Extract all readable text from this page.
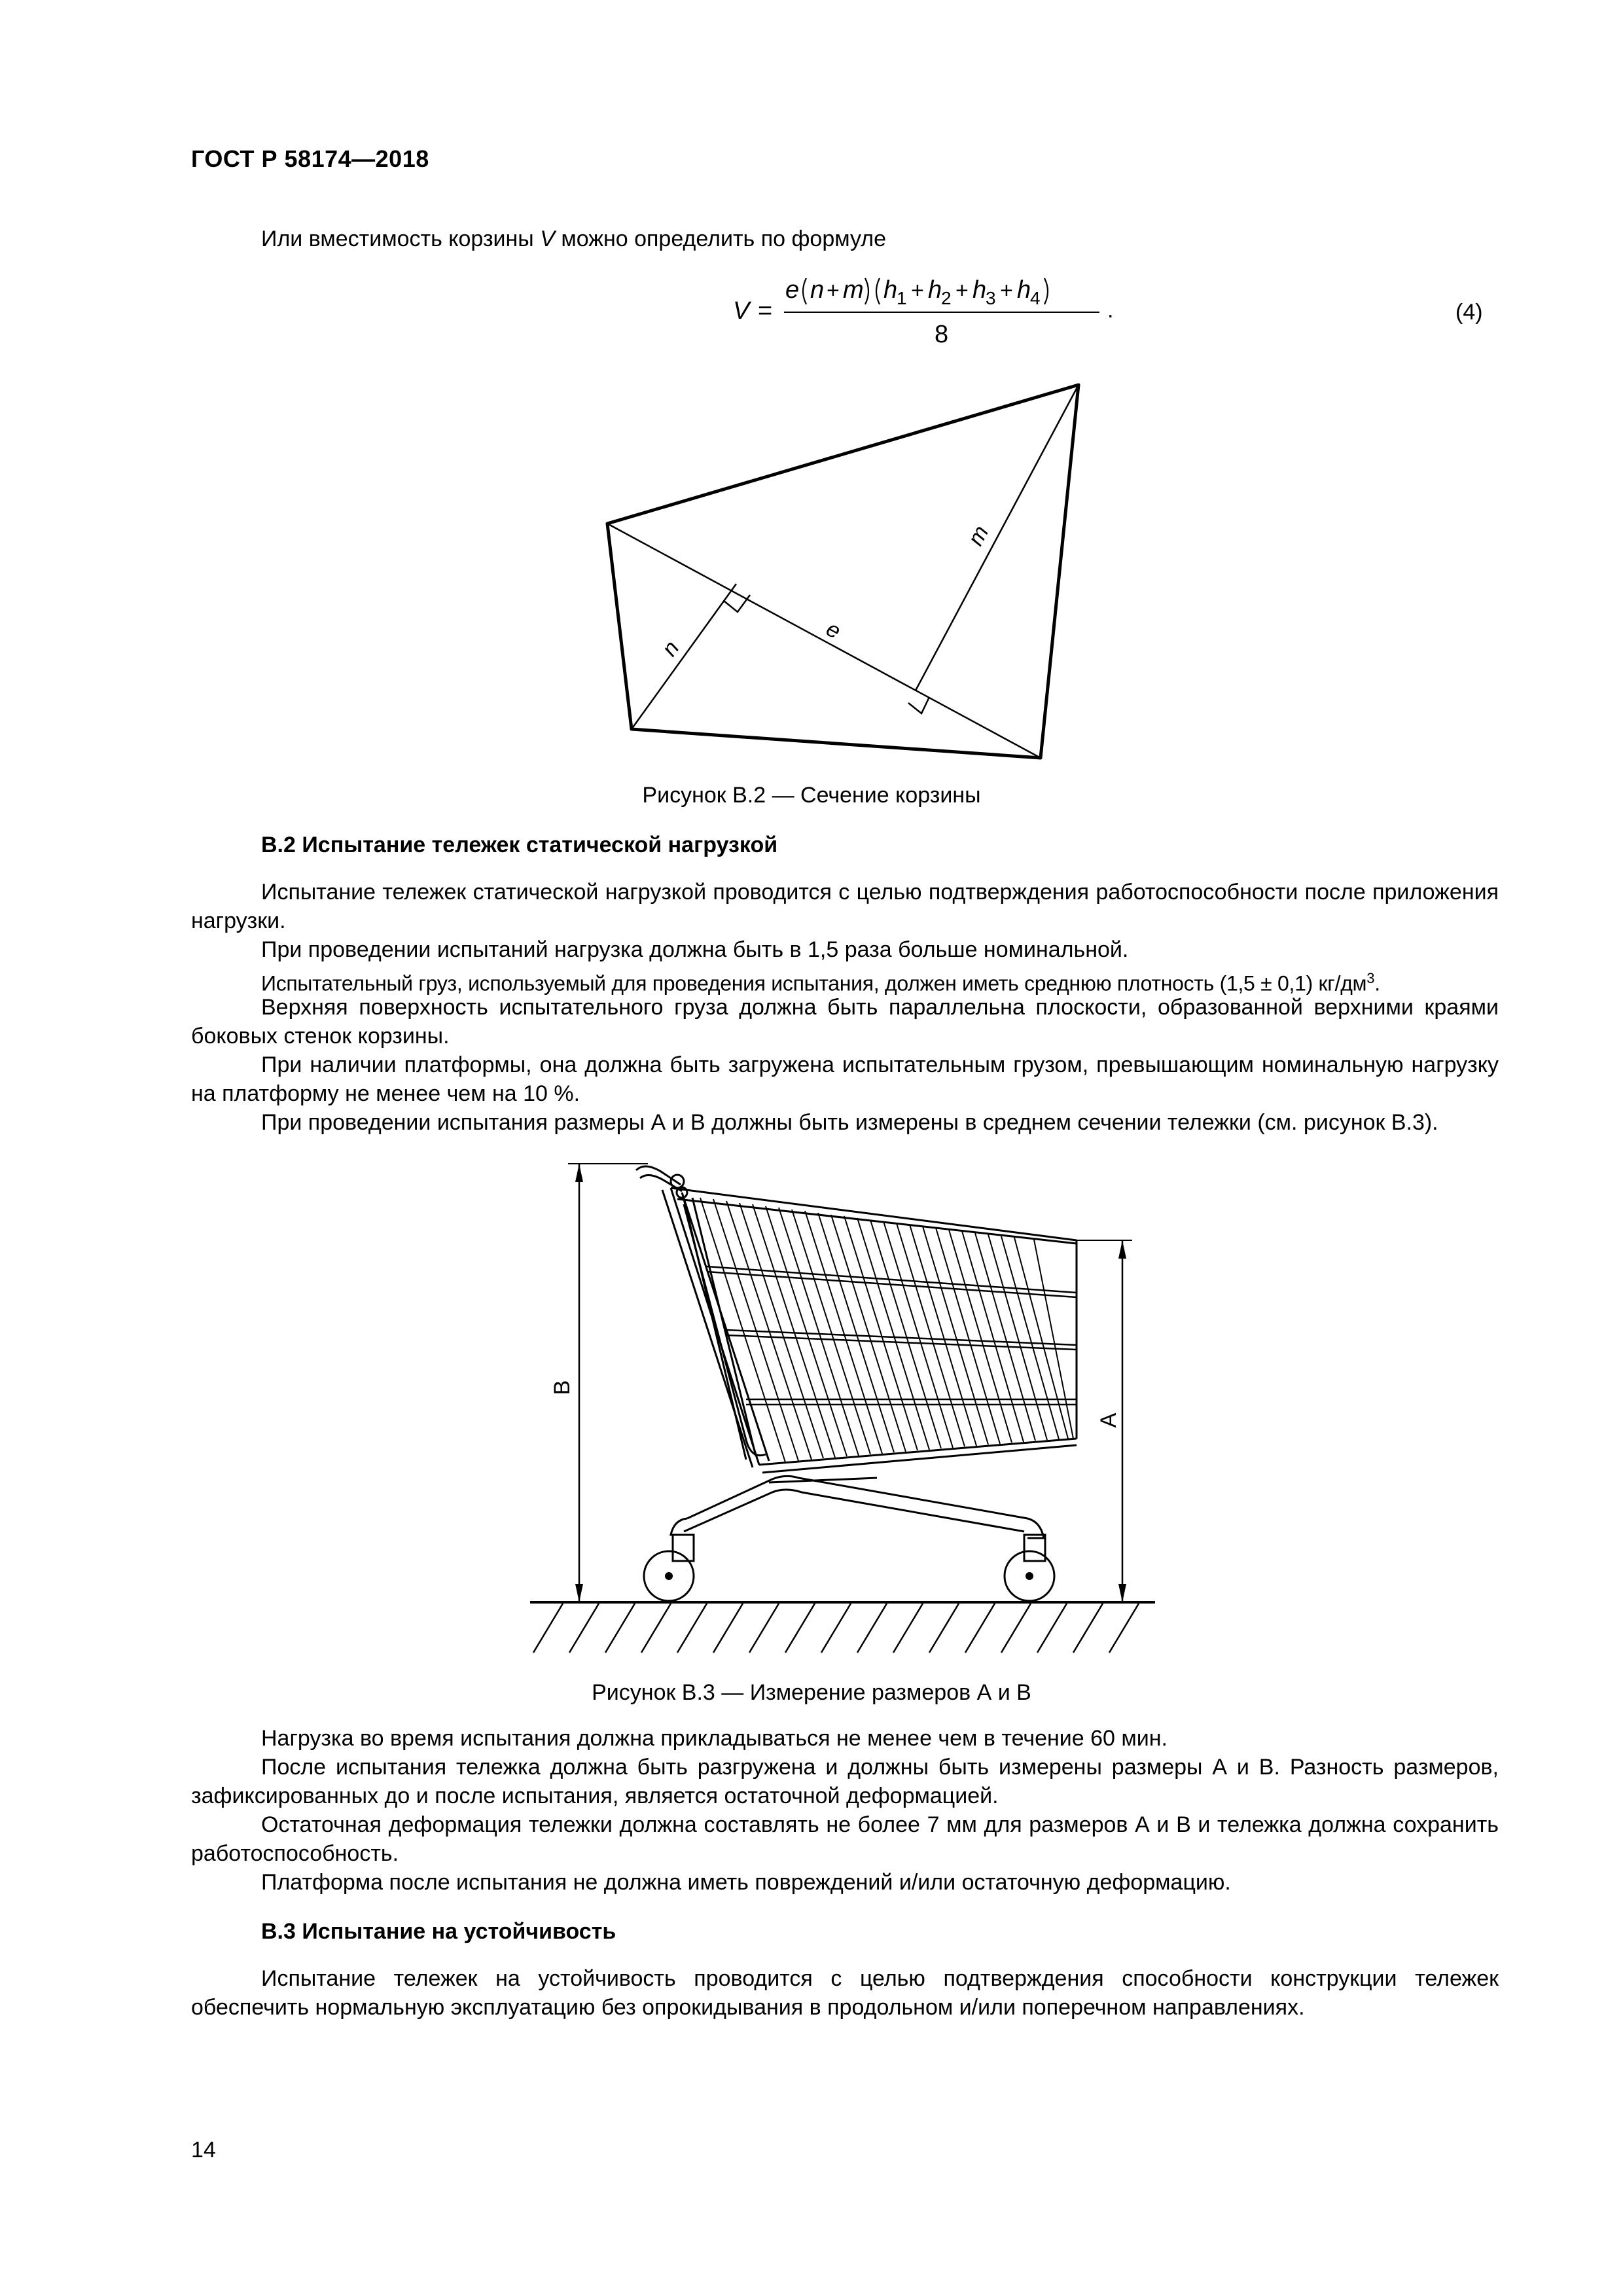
ГОСТ Р 58174—2018
Или вместимость корзины V можно определить по формуле
V =
e n + m h
1 + h
2 + h
3 + h
4
8
.	(4)
n
e
m
Рисунок В.2 — Сечение корзины
В.2 Испытание тележек статической нагрузкой
Испытание тележек статической нагрузкой проводится с целью подтверждения работоспособности после приложения нагрузки.
При проведении испытаний нагрузка должна быть в 1,5 раза больше номинальной.
Испытательный груз, используемый для проведения испытания, должен иметь среднюю плотность (1,5 ± 0,1) $кг/дм^3$.
Верхняя поверхность испытательного груза должна быть параллельна плоскости, образованной верхними краями боковых стенок корзины.
При наличии платформы, она должна быть загружена испытательным грузом, превышающим номинальную нагрузку на платформу не менее чем на 10 %.
При проведении испытания размеры А и В должны быть измерены в среднем сечении тележки (см. рисунок В.3).
В
А
Рисунок В.3 — Измерение размеров А и В
Нагрузка во время испытания должна прикладываться не менее чем в течение 60 мин.
После испытания тележка должна быть разгружена и должны быть измерены размеры А и В. Разность размеров, зафиксированных до и после испытания, является остаточной деформацией.
Остаточная деформация тележки должна составлять не более 7 мм для размеров А и В и тележка должна сохранить работоспособность.
Платформа после испытания не должна иметь повреждений и/или остаточную деформацию.
В.3 Испытание на устойчивость
Испытание тележек на устойчивость проводится с целью подтверждения способности конструкции тележек обеспечить нормальную эксплуатацию без опрокидывания в продольном и/или поперечном направлениях.
14
